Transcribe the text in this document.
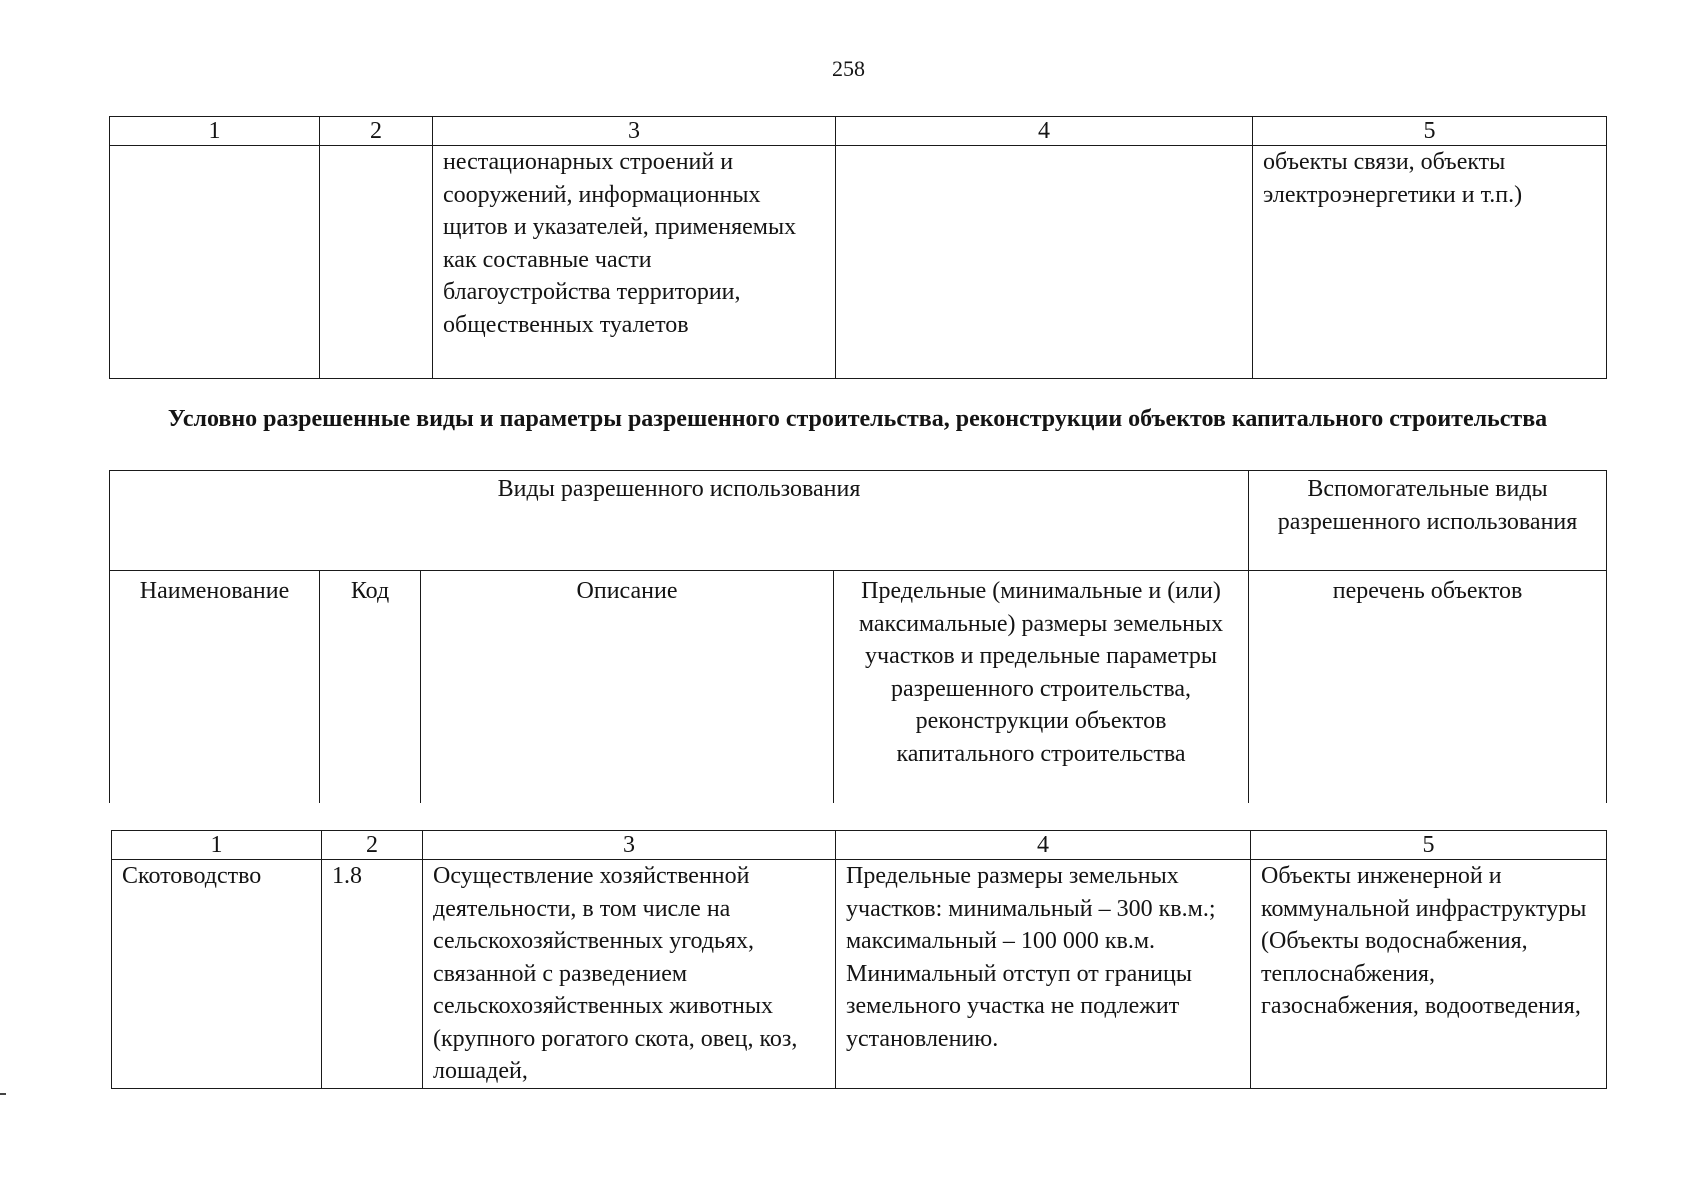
258
1	2	3	4	5
		нестационарных строений и сооружений, информационных щитов и указателей, применяемых как составные части благоустройства территории, общественных туалетов		объекты связи, объекты электроэнергетики и т.п.)
Условно разрешенные виды и параметры разрешенного строительства, реконструкции объектов капитального строительства
Виды разрешенного использования				Вспомогательные виды разрешенного использования
Наименование	Код	Описание	Предельные (минимальные и (или) максимальные) размеры земельных участков и предельные параметры разрешенного строительства, реконструкции объектов капитального строительства	перечень объектов
1	2	3	4	5
Скотоводство	1.8	Осуществление хозяйственной деятельности, в том числе на сельскохозяйственных угодьях, связанной с разведением сельскохозяйственных животных (крупного рогатого скота, овец, коз, лошадей,	Предельные размеры земельных участков: минимальный – 300 кв.м.; максимальный – 100 000 кв.м. Минимальный отступ от границы земельного участка не подлежит установлению.	Объекты инженерной и коммунальной инфраструктуры (Объекты водоснабжения, теплоснабжения, газоснабжения, водоотведения,
